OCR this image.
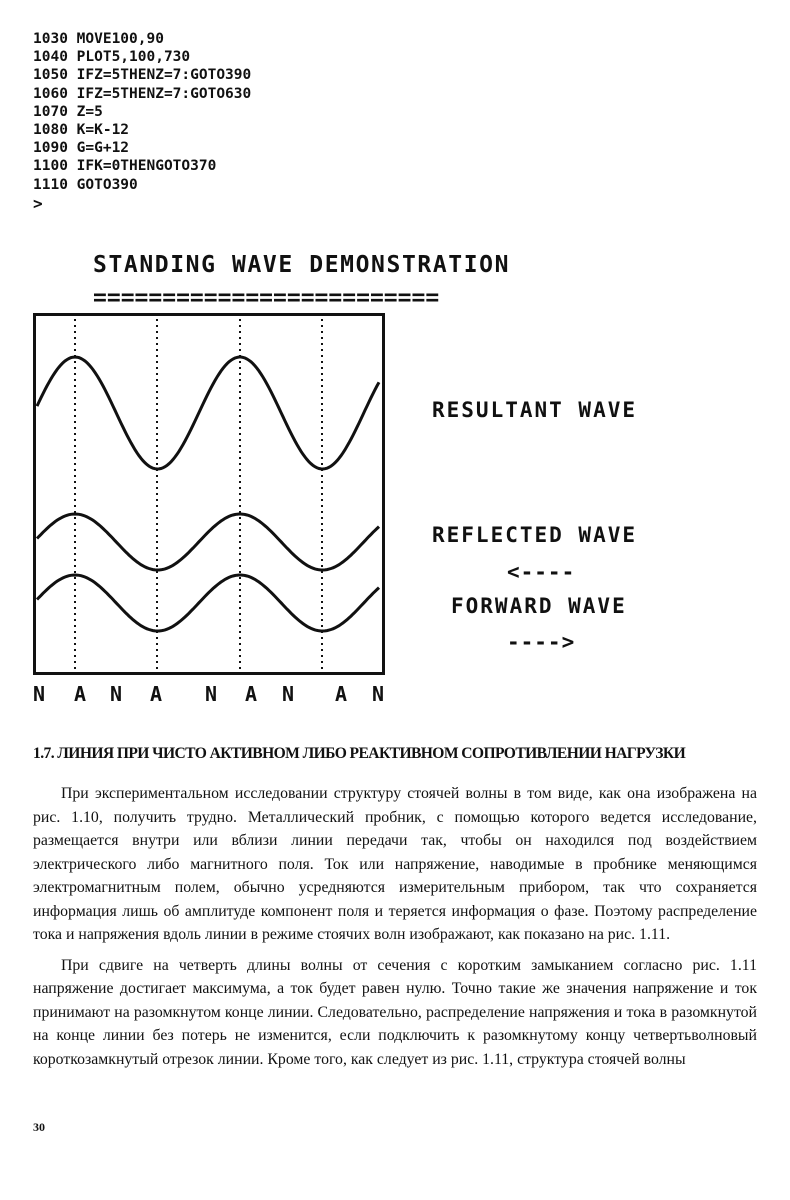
1030 MOVE100,90
1040 PLOT5,100,730
1050 IFZ=5THENZ=7:GOTO390
1060 IFZ=5THENZ=7:GOTO630
1070 Z=5
1080 K=K-12
1090 G=G+12
1100 IFK=0THENGOTO370
1110 GOTO390
>
STANDING WAVE DEMONSTRATION
=========================
RESULTANT WAVE
REFLECTED WAVE
<----
FORWARD WAVE
---->
N A N A N A N A N
1.7. ЛИНИЯ ПРИ ЧИСТО АКТИВНОМ ЛИБО РЕАКТИВНОМ СОПРОТИВЛЕНИИ НАГРУЗКИ

При экспериментальном исследовании структуру стоячей волны в том виде, как она изображена на рис. 1.10, получить трудно. Металлический пробник, с помощью которого ведется исследование, размещается внутри или вблизи линии передачи так, чтобы он находился под воздействием электрического либо магнитного поля. Ток или напряжение, наводимые в пробнике меняющимся электромагнитным полем, обычно усредняются измерительным прибором, так что сохраняется информация лишь об амплитуде компонент поля и теряется информация о фазе. Поэтому распределение тока и напряжения вдоль линии в режиме стоячих волн изображают, как показано на рис. 1.11.

При сдвиге на четверть длины волны от сечения с коротким замыканием согласно рис. 1.11 напряжение достигает максимума, а ток будет равен нулю. Точно такие же значения напряжение и ток принимают на разомкнутом конце линии. Следовательно, распределение напряжения и тока в разомкнутой на конце линии без потерь не изменится, если подключить к разомкнутому концу четвертьволновый короткозамкнутый отрезок линии. Кроме того, как следует из рис. 1.11, структура стоячей волны

30
